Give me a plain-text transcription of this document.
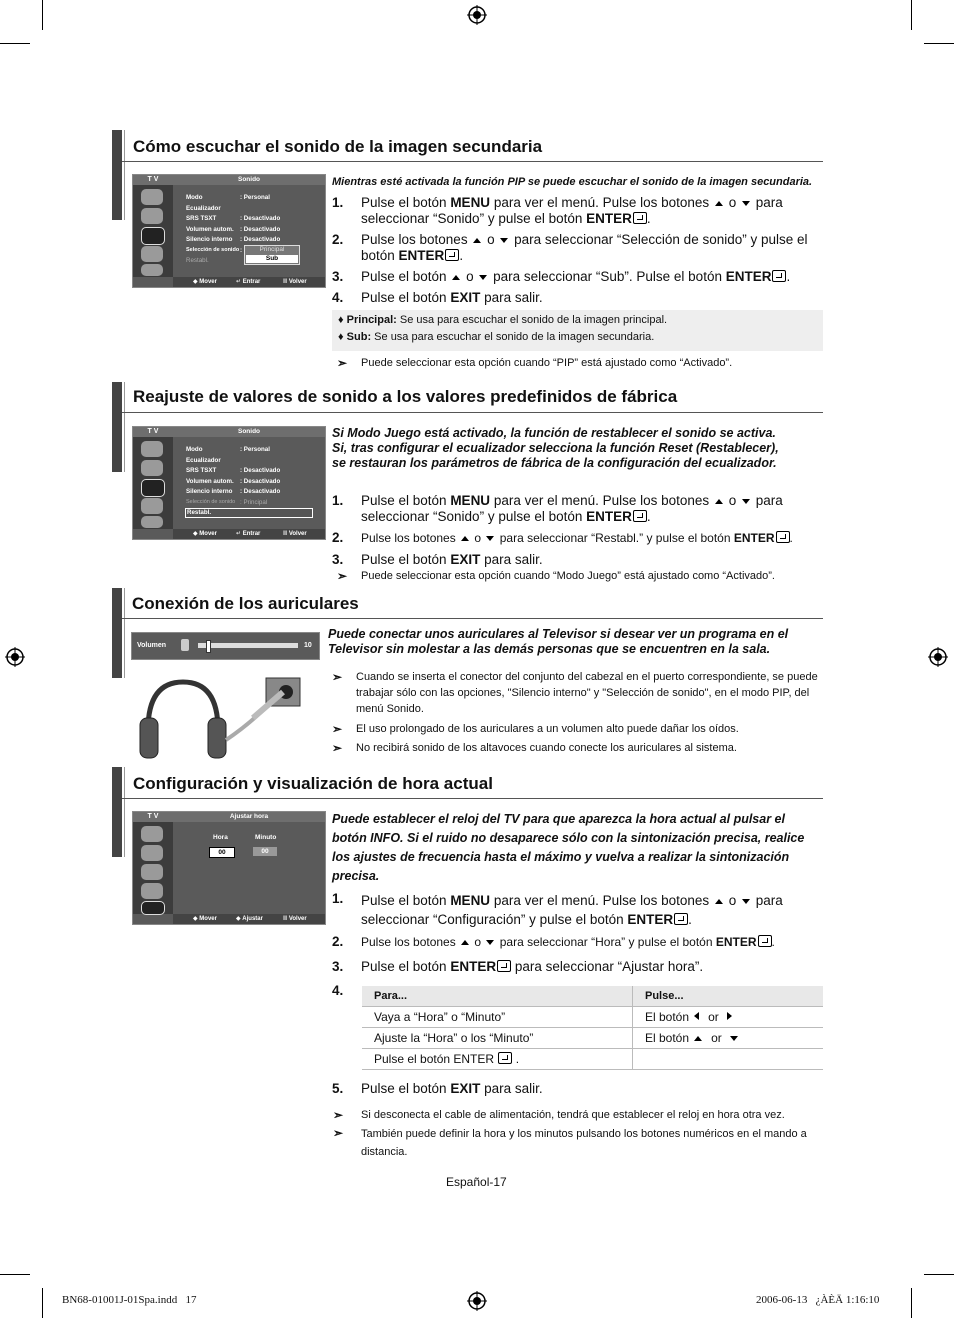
Cómo escuchar el sonido de la imagen secundaria
T V	Sonido
Modo	: Personal
Ecualizador
SRS TSXT	: Desactivado
Volumen autom. : Desactivado
Silencio interno : Desactivado
Selección de sonido :
Restabl.
Principal
Sub
◆ Mover	↵ Entrar	Ⅲ Volver
Mientras esté activada la función PIP se puede escuchar el sonido de la imagen secundaria.
1. Pulse el botón MENU para ver el menú. Pulse los botones  o  para seleccionar “Sonido” y pulse el botón ENTER .
2. Pulse los botones  o  para seleccionar “Selección de sonido” y pulse el botón ENTER .
3. Pulse el botón  o  para seleccionar “Sub”. Pulse el botón ENTER .
4. Pulse el botón EXIT para salir.
♦ Principal: Se usa para escuchar el sonido de la imagen principal.
♦ Sub: Se usa para escuchar el sonido de la imagen secundaria.
➣ Puede seleccionar esta opción cuando “PIP” está ajustado como “Activado”.
Reajuste de valores de sonido a los valores predefinidos de fábrica
T V	Sonido
Modo	: Personal
Ecualizador
SRS TSXT	: Desactivado
Volumen autom. : Desactivado
Silencio interno : Desactivado
Selección de sonido : Principal
Restabl.
◆ Mover	↵ Entrar	Ⅲ Volver
Si Modo Juego está activado, la función de restablecer el sonido se activa. Si, tras configurar el ecualizador selecciona la función Reset (Restablecer), se restauran los parámetros de fábrica de la configuración del ecualizador.
1. Pulse el botón MENU para ver el menú. Pulse los botones  o  para seleccionar “Sonido” y pulse el botón ENTER .
2. Pulse los botones  o  para seleccionar “Restabl.” y pulse el botón ENTER .
3. Pulse el botón EXIT para salir.
➣ Puede seleccionar esta opción cuando “Modo Juego” está ajustado como “Activado”.
Conexión de los auriculares
Volumen	10
Puede conectar unos auriculares al Televisor si desear ver un programa en el Televisor sin molestar a las demás personas que se encuentren en la sala.
➣ Cuando se inserta el conector del conjunto del cabezal en el puerto correspondiente, se puede trabajar sólo con las opciones, "Silencio interno" y "Selección de sonido", en el modo PIP, del menú Sonido.
➣ El uso prolongado de los auriculares a un volumen alto puede dañar los oídos.
➣ No recibirá sonido de los altavoces cuando conecte los auriculares al sistema.
Configuración y visualización de hora actual
T V	Ajustar hora
Hora	Minuto
00	00
◆ Mover	◆ Ajustar	Ⅲ Volver
Puede establecer el reloj del TV para que aparezca la hora actual al pulsar el botón INFO. Si el ruido no desaparece sólo con la sintonización precisa, realice los ajustes de frecuencia hasta el máximo y vuelva a realizar la sintonización precisa.
1. Pulse el botón MENU para ver el menú. Pulse los botones  o  para seleccionar “Configuración” y pulse el botón ENTER .
2. Pulse los botones  o  para seleccionar “Hora” y pulse el botón ENTER .
3. Pulse el botón ENTER para seleccionar “Ajustar hora”.
4.	Para...	Pulse...
Vaya a “Hora” o “Minuto”	El botón or
Ajuste la “Hora” o los “Minuto”	El botón or
Pulse el botón ENTER  .	
5. Pulse el botón EXIT para salir.
➣ Si desconecta el cable de alimentación, tendrá que establecer el reloj en hora otra vez.
➣ También puede definir la hora y los minutos pulsando los botones numéricos en el mando a distancia.
Español-17
BN68-01001J-01Spa.indd   17	2006-06-13   ¿ÀÈÄ 1:16:10
